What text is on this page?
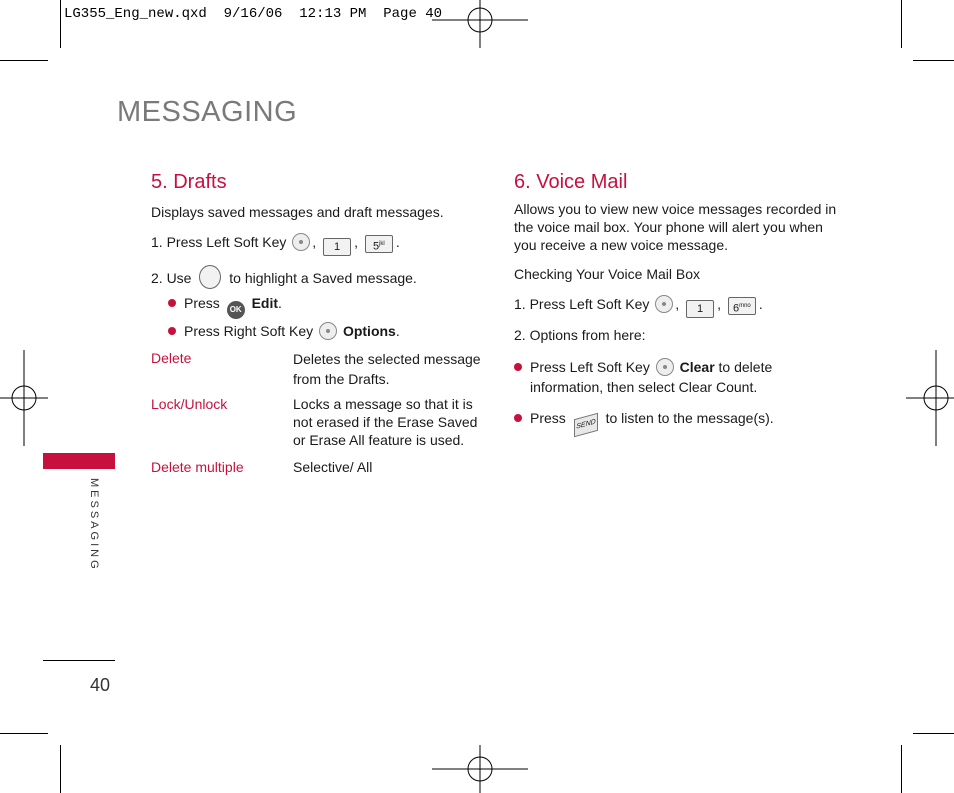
LG355_Eng_new.qxd  9/16/06  12:13 PM  Page 40
MESSAGING
MESSAGING
40
5. Drafts
Displays saved messages and draft messages.
1. Press Left Soft Key , 1 , $5^{jkl}$ .
2. Use	to highlight a Saved message.
Press OK Edit.
Press Right Soft Key Options.
Delete	Deletes the selected message
from the Drafts.
Lock/Unlock	Locks a message so that it is
not erased if the Erase Saved
or Erase All feature is used.
Delete multiple	Selective/ All
6. Voice Mail
Allows you to view new voice messages recorded in
the voice mail box. Your phone will alert you when
you receive a new voice message.
Checking Your Voice Mail Box
1. Press Left Soft Key , 1 , $6^{mno}$ .
2. Options from here:
Press Left Soft Key Clear to delete
information, then select Clear Count.
Press SEND to listen to the message(s).
